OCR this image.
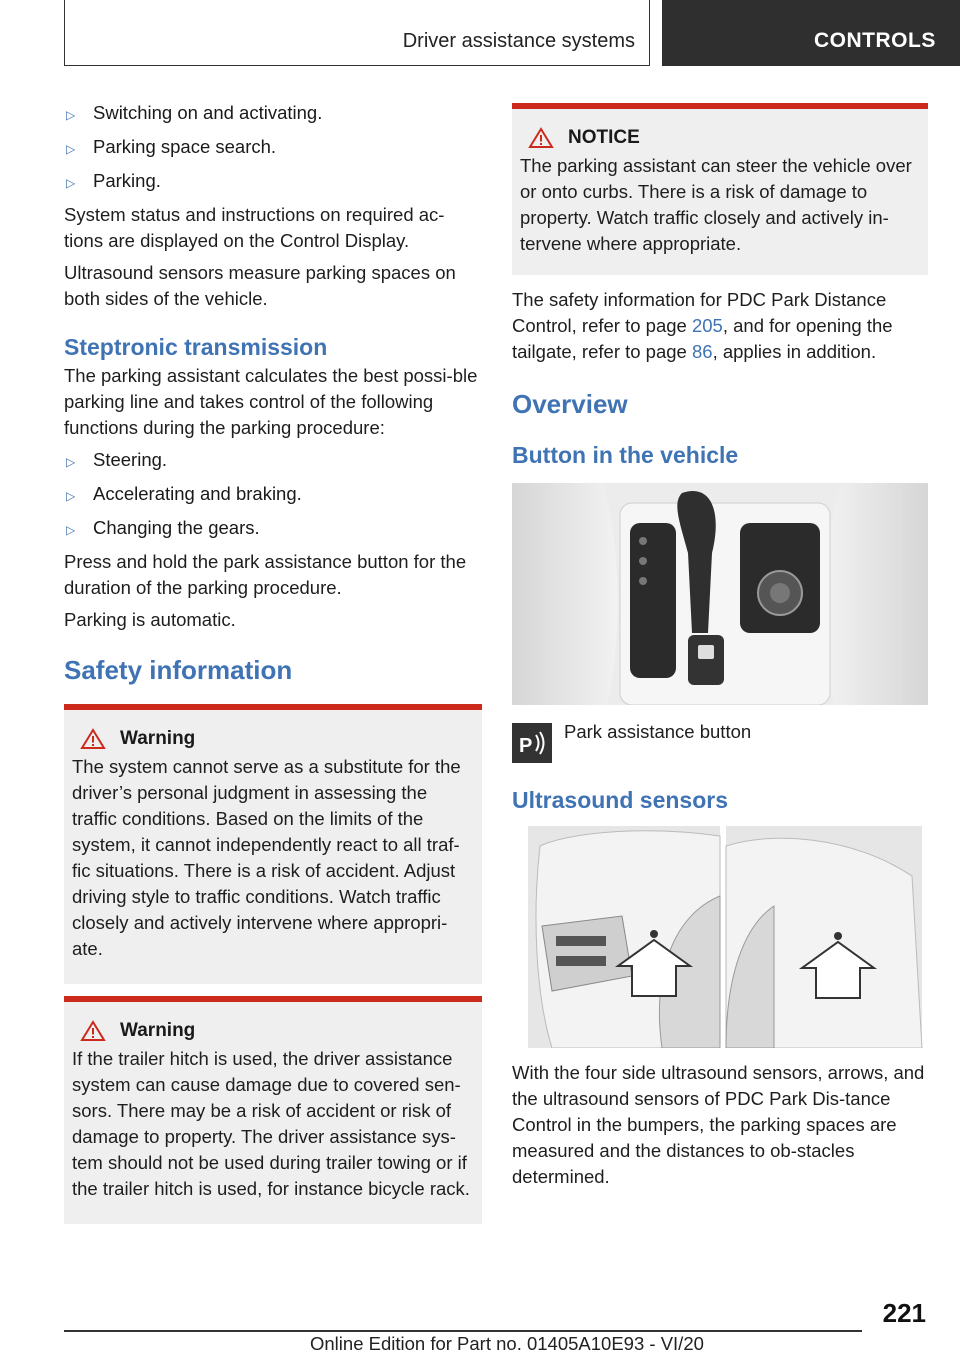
Driver assistance systems	CONTROLS
▷ Switching on and activating.
▷ Parking space search.
▷ Parking.

System status and instructions on required ac-tions are displayed on the Control Display.

Ultrasound sensors measure parking spaces on both sides of the vehicle.

Steptronic transmission

The parking assistant calculates the best possi-ble parking line and takes control of the following functions during the parking procedure:

▷ Steering.
▷ Accelerating and braking.
▷ Changing the gears.

Press and hold the park assistance button for the duration of the parking procedure.

Parking is automatic.

Safety information
Warning

The system cannot serve as a substitute for the driver’s personal judgment in assessing the traffic conditions. Based on the limits of the system, it cannot independently react to all traf-fic situations. There is a risk of accident. Adjust driving style to traffic conditions. Watch traffic closely and actively intervene where appropri-ate.

Warning

If the trailer hitch is used, the driver assistance system can cause damage due to covered sen-sors. There may be a risk of accident or risk of damage to property. The driver assistance sys-tem should not be used during trailer towing or if the trailer hitch is used, for instance bicycle rack.

NOTICE

The parking assistant can steer the vehicle over or onto curbs. There is a risk of damage to property. Watch traffic closely and actively in-tervene where appropriate.

The safety information for PDC Park Distance Control, refer to page 205, and for opening the tailgate, refer to page 86, applies in addition.

Overview
Button in the vehicle
P
Park assistance button
Ultrasound sensors

With the four side ultrasound sensors, arrows, and the ultrasound sensors of PDC Park Dis-tance Control in the bumpers, the parking spaces are measured and the distances to ob-stacles determined.

221
Online Edition for Part no. 01405A10E93 - VI/20
